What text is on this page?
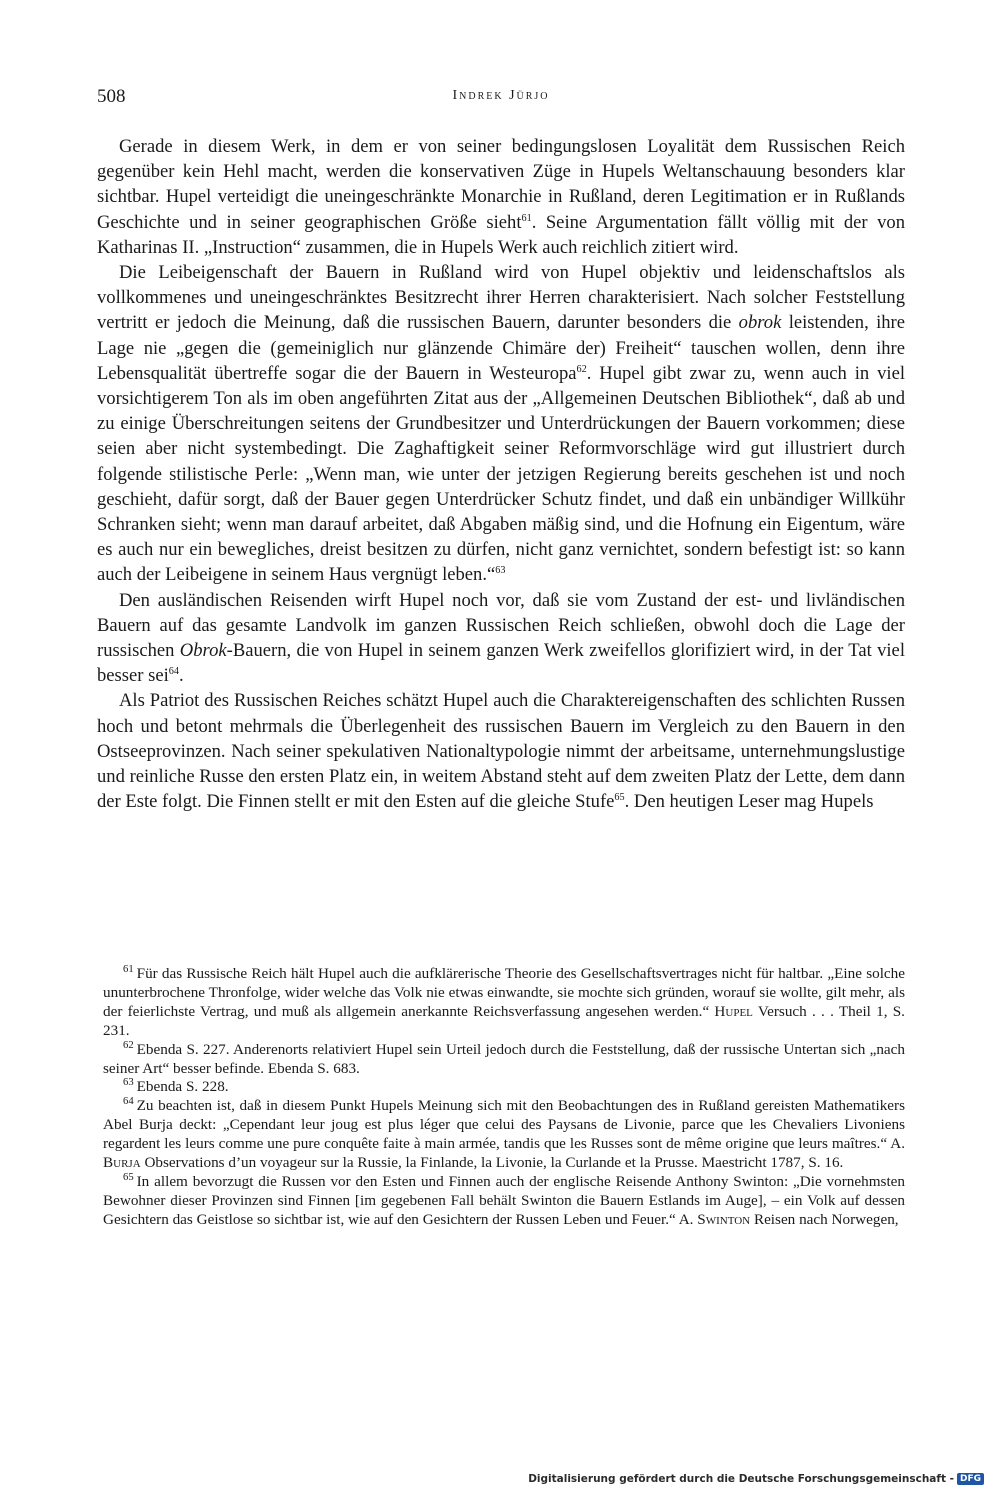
508	Indrek Jürjo

Gerade in diesem Werk, in dem er von seiner bedingungslosen Loyalität dem Russischen Reich gegenüber kein Hehl macht, werden die konservativen Züge in Hupels Weltanschauung besonders klar sichtbar. Hupel verteidigt die uneingeschränkte Monarchie in Rußland, deren Legitimation er in Rußlands Geschichte und in seiner geographischen Größe sieht$^{61}$. Seine Argumentation fällt völlig mit der von Katharinas II. „Instruction“ zusammen, die in Hupels Werk auch reichlich zitiert wird.

Die Leibeigenschaft der Bauern in Rußland wird von Hupel objektiv und leidenschaftslos als vollkommenes und uneingeschränktes Besitzrecht ihrer Herren charakterisiert. Nach solcher Feststellung vertritt er jedoch die Meinung, daß die russischen Bauern, darunter besonders die obrok leistenden, ihre Lage nie „gegen die (gemeiniglich nur glänzende Chimäre der) Freiheit“ tauschen wollen, denn ihre Lebensqualität übertreffe sogar die der Bauern in Westeuropa$^{62}$. Hupel gibt zwar zu, wenn auch in viel vorsichtigerem Ton als im oben angeführten Zitat aus der „Allgemeinen Deutschen Bibliothek“, daß ab und zu einige Überschreitungen seitens der Grundbesitzer und Unterdrückungen der Bauern vorkommen; diese seien aber nicht systembedingt. Die Zaghaftigkeit seiner Reformvorschläge wird gut illustriert durch folgende stilistische Perle: „Wenn man, wie unter der jetzigen Regierung bereits geschehen ist und noch geschieht, dafür sorgt, daß der Bauer gegen Unterdrücker Schutz findet, und daß ein unbändiger Willkühr Schranken sieht; wenn man darauf arbeitet, daß Abgaben mäßig sind, und die Hofnung ein Eigentum, wäre es auch nur ein bewegliches, dreist besitzen zu dürfen, nicht ganz vernichtet, sondern befestigt ist: so kann auch der Leibeigene in seinem Haus vergnügt leben.“$^{63}$

Den ausländischen Reisenden wirft Hupel noch vor, daß sie vom Zustand der est- und livländischen Bauern auf das gesamte Landvolk im ganzen Russischen Reich schließen, obwohl doch die Lage der russischen Obrok-Bauern, die von Hupel in seinem ganzen Werk zweifellos glorifiziert wird, in der Tat viel besser sei$^{64}$.

Als Patriot des Russischen Reiches schätzt Hupel auch die Charaktereigenschaften des schlichten Russen hoch und betont mehrmals die Überlegenheit des russischen Bauern im Vergleich zu den Bauern in den Ostseeprovinzen. Nach seiner spekulativen Nationaltypologie nimmt der arbeitsame, unternehmungslustige und reinliche Russe den ersten Platz ein, in weitem Abstand steht auf dem zweiten Platz der Lette, dem dann der Este folgt. Die Finnen stellt er mit den Esten auf die gleiche Stufe$^{65}$. Den heutigen Leser mag Hupels

$^{61}$ Für das Russische Reich hält Hupel auch die aufklärerische Theorie des Gesellschaftsvertrages nicht für haltbar. „Eine solche ununterbrochene Thronfolge, wider welche das Volk nie etwas einwandte, sie mochte sich gründen, worauf sie wollte, gilt mehr, als der feierlichste Vertrag, und muß als allgemein anerkannte Reichsverfassung angesehen werden.“ Hupel Versuch . . . Theil 1, S. 231.

$^{62}$ Ebenda S. 227. Anderenorts relativiert Hupel sein Urteil jedoch durch die Feststellung, daß der russische Untertan sich „nach seiner Art“ besser befinde. Ebenda S. 683.

$^{63}$ Ebenda S. 228.

$^{64}$ Zu beachten ist, daß in diesem Punkt Hupels Meinung sich mit den Beobachtungen des in Rußland gereisten Mathematikers Abel Burja deckt: „Cependant leur joug est plus léger que celui des Paysans de Livonie, parce que les Chevaliers Livoniens regardent les leurs comme une pure conquête faite à main armée, tandis que les Russes sont de même origine que leurs maîtres.“ A. Burja Observations d’un voyageur sur la Russie, la Finlande, la Livonie, la Curlande et la Prusse. Maestricht 1787, S. 16.

$^{65}$ In allem bevorzugt die Russen vor den Esten und Finnen auch der englische Reisende Anthony Swinton: „Die vornehmsten Bewohner dieser Provinzen sind Finnen [im gegebenen Fall behält Swinton die Bauern Estlands im Auge], – ein Volk auf dessen Gesichtern das Geistlose so sichtbar ist, wie auf den Gesichtern der Russen Leben und Feuer.“ A. Swinton Reisen nach Norwegen,

Digitalisierung gefördert durch die Deutsche Forschungsgemeinschaft - DFG
